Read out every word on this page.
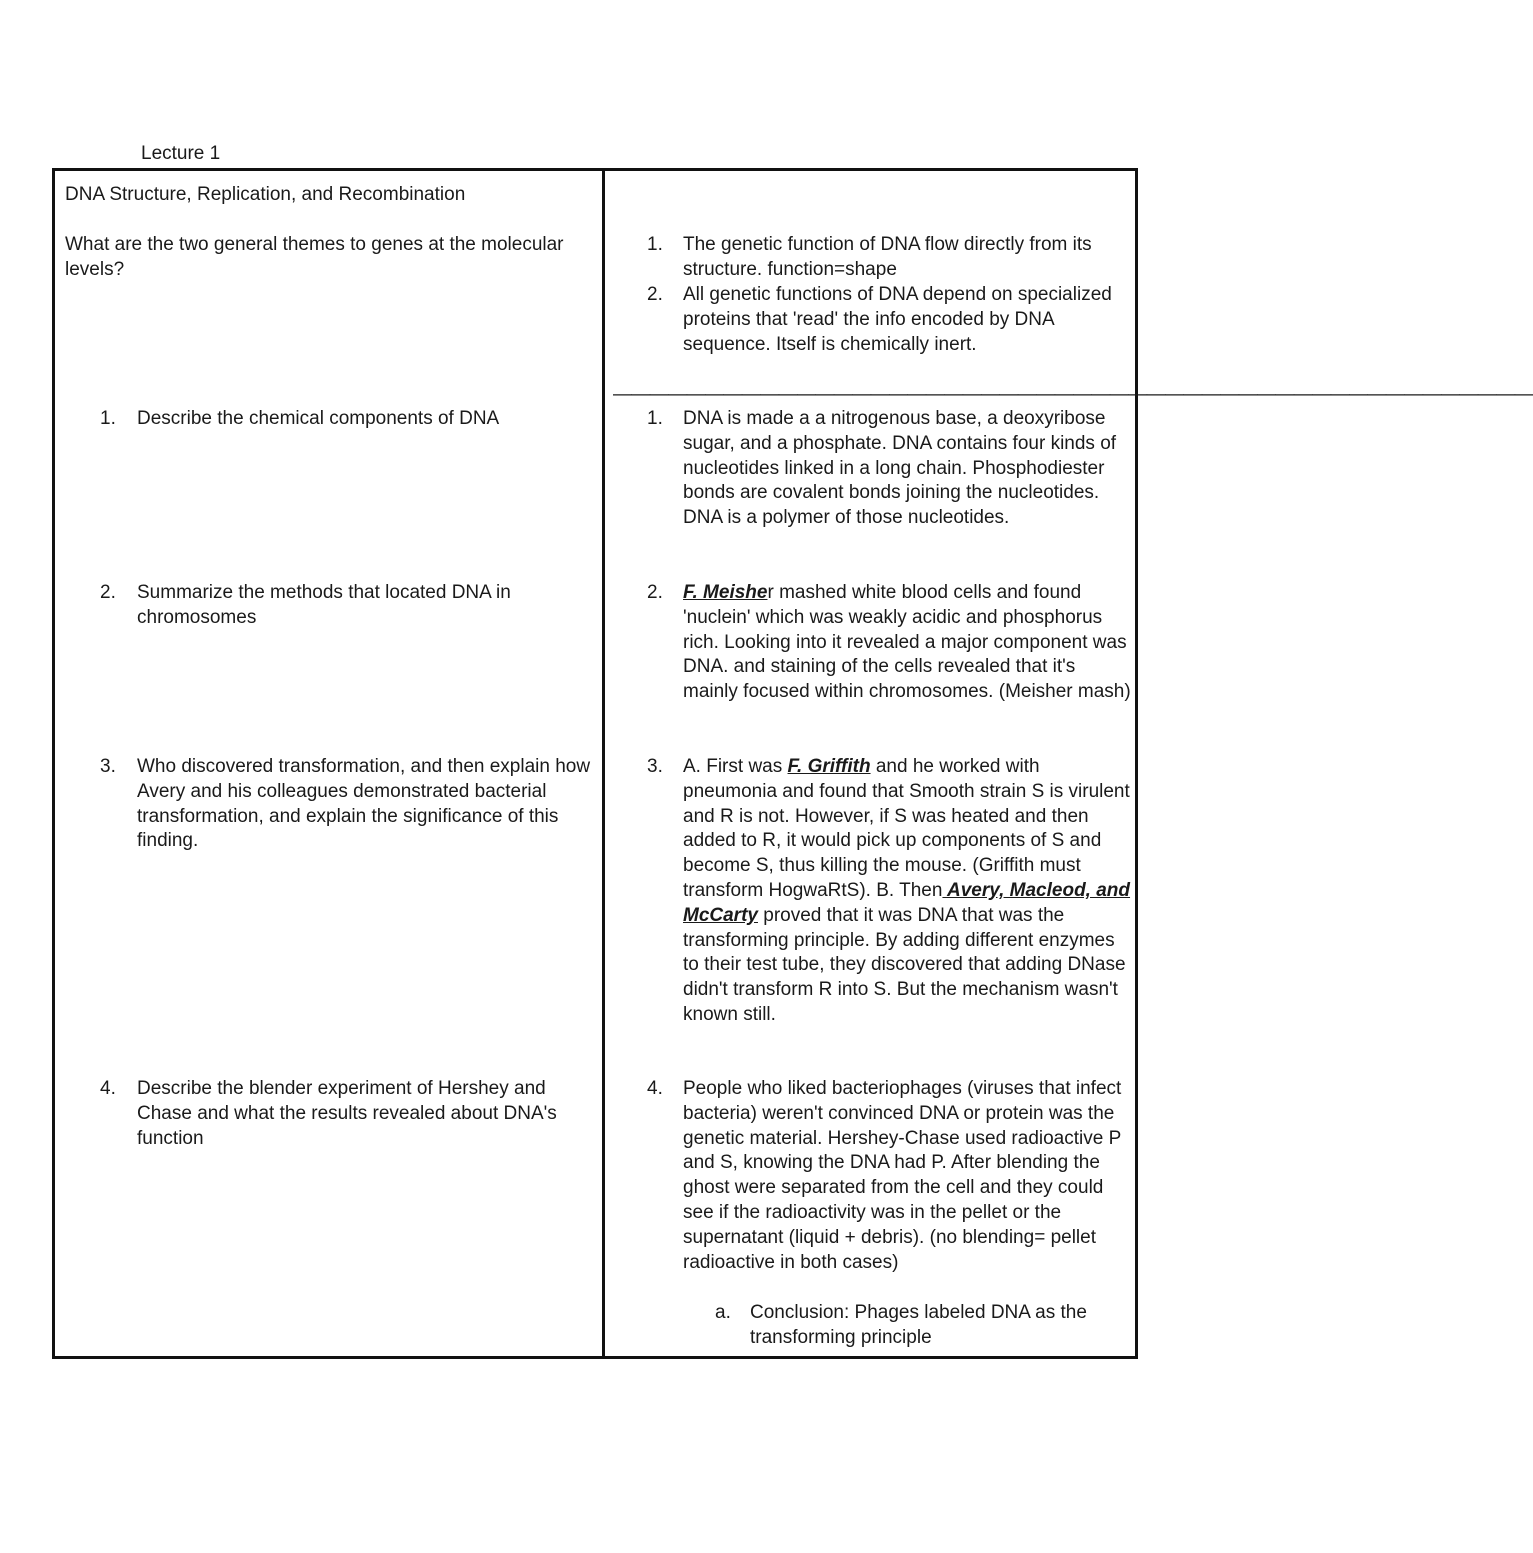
Lecture 1
DNA Structure, Replication, and Recombination
What are the two general themes to genes at the molecular levels?
1. Describe the chemical components of DNA
2. Summarize the methods that located DNA in chromosomes
3. Who discovered transformation, and then explain how Avery and his colleagues demonstrated bacterial transformation, and explain the significance of this finding.
4. Describe the blender experiment of Hershey and Chase and what the results revealed about DNA's function
1. The genetic function of DNA flow directly from its structure. function=shape
2. All genetic functions of DNA depend on specialized proteins that 'read' the info encoded by DNA sequence. Itself is chemically inert.
——————————————————————————————————————————————————
1. DNA is made a a nitrogenous base, a deoxyribose sugar, and a phosphate. DNA contains four kinds of nucleotides linked in a long chain. Phosphodiester bonds are covalent bonds joining the nucleotides. DNA is a polymer of those nucleotides.
2. F. Meisher mashed white blood cells and found 'nuclein' which was weakly acidic and phosphorus rich. Looking into it revealed a major component was DNA. and staining of the cells revealed that it's mainly focused within chromosomes. (Meisher mash)
3. A. First was F. Griffith and he worked with pneumonia and found that Smooth strain S is virulent and R is not. However, if S was heated and then added to R, it would pick up components of S and become S, thus killing the mouse. (Griffith must transform HogwaRtS). B. Then Avery, Macleod, and McCarty proved that it was DNA that was the transforming principle. By adding different enzymes to their test tube, they discovered that adding DNase didn't transform R into S. But the mechanism wasn't known still.
4. People who liked bacteriophages (viruses that infect bacteria) weren't convinced DNA or protein was the genetic material. Hershey-Chase used radioactive P and S, knowing the DNA had P. After blending the ghost were separated from the cell and they could see if the radioactivity was in the pellet or the supernatant (liquid + debris). (no blending= pellet radioactive in both cases)
a. Conclusion: Phages labeled DNA as the transforming principle
